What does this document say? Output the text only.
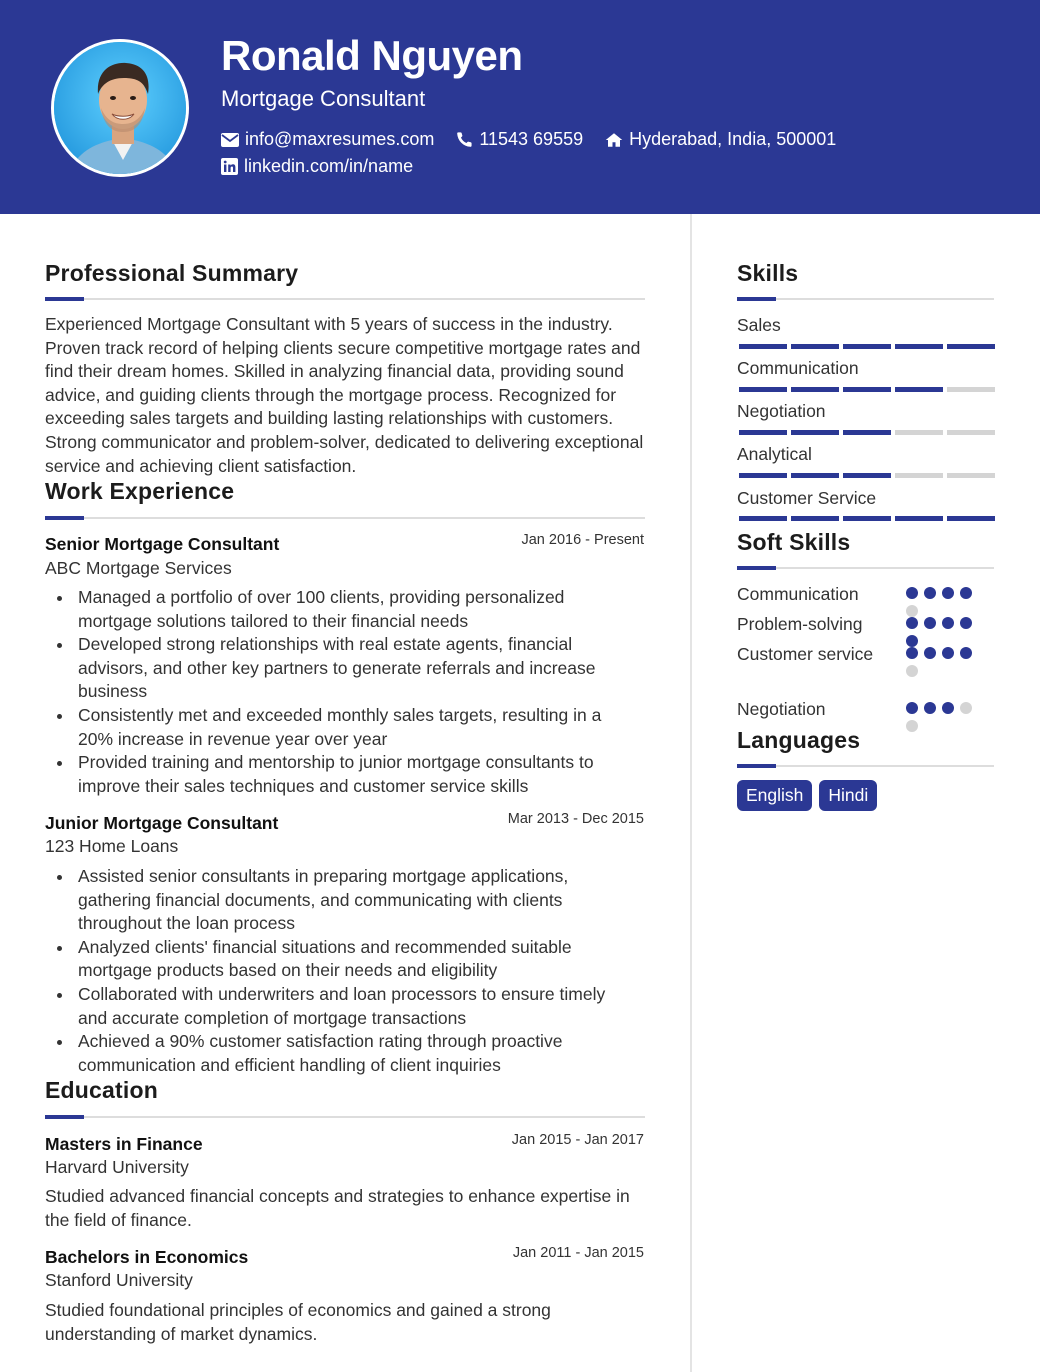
Ronald Nguyen
Mortgage Consultant
info@maxresumes.com	11543 69559	Hyderabad, India, 500001
linkedin.com/in/name
Professional Summary
Experienced Mortgage Consultant with 5 years of success in the industry. Proven track record of helping clients secure competitive mortgage rates and find their dream homes. Skilled in analyzing financial data, providing sound advice, and guiding clients through the mortgage process. Recognized for exceeding sales targets and building lasting relationships with customers. Strong communicator and problem-solver, dedicated to delivering exceptional service and achieving client satisfaction.
Work Experience
Senior Mortgage Consultant	Jan 2016 - Present
ABC Mortgage Services
Managed a portfolio of over 100 clients, providing personalized mortgage solutions tailored to their financial needs
Developed strong relationships with real estate agents, financial advisors, and other key partners to generate referrals and increase business
Consistently met and exceeded monthly sales targets, resulting in a 20% increase in revenue year over year
Provided training and mentorship to junior mortgage consultants to improve their sales techniques and customer service skills
Junior Mortgage Consultant	Mar 2013 - Dec 2015
123 Home Loans
Assisted senior consultants in preparing mortgage applications, gathering financial documents, and communicating with clients throughout the loan process
Analyzed clients' financial situations and recommended suitable mortgage products based on their needs and eligibility
Collaborated with underwriters and loan processors to ensure timely and accurate completion of mortgage transactions
Achieved a 90% customer satisfaction rating through proactive communication and efficient handling of client inquiries
Education
Masters in Finance	Jan 2015 - Jan 2017
Harvard University
Studied advanced financial concepts and strategies to enhance expertise in the field of finance.
Bachelors in Economics	Jan 2011 - Jan 2015
Stanford University
Studied foundational principles of economics and gained a strong understanding of market dynamics.
Skills
Sales
Communication
Negotiation
Analytical
Customer Service
Soft Skills
Communication
Problem-solving
Customer service
Negotiation
Languages
English	Hindi
